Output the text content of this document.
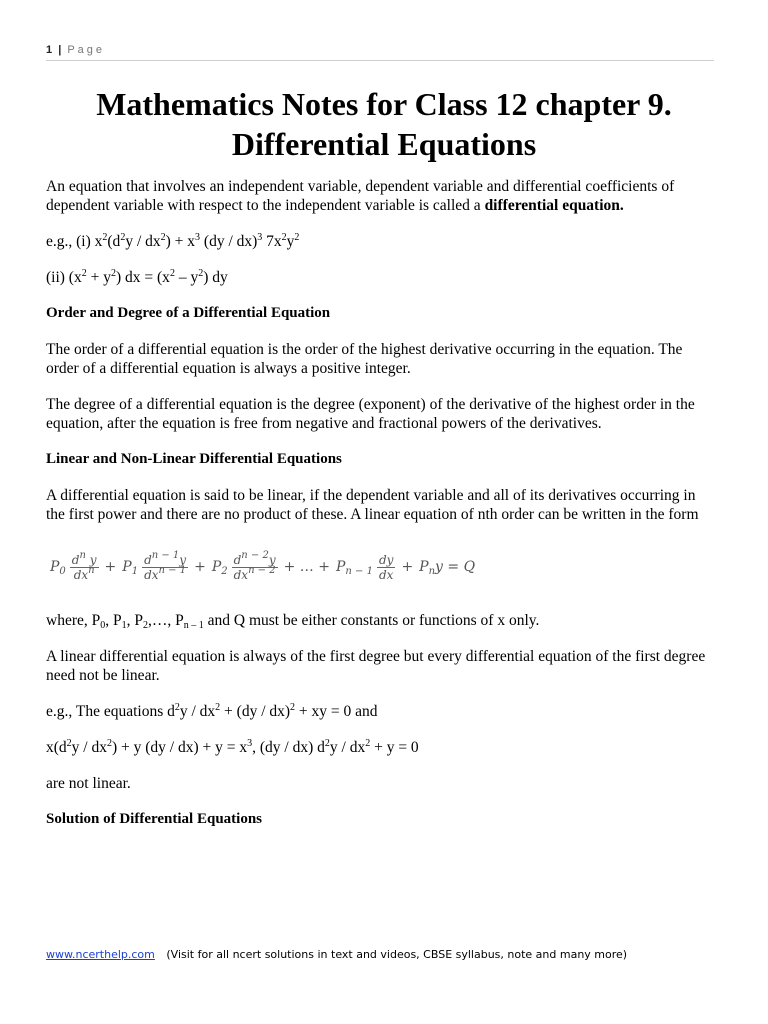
1 | Page
Mathematics Notes for Class 12 chapter 9.
Differential Equations

An equation that involves an independent variable, dependent variable and differential coefficients of dependent variable with respect to the independent variable is called a differential equation.

e.g., (i) $x^2(d^2y / dx^2) + x^3$ (dy / dx)$^3$ $7x^2y^2$

(ii) $(x^2 + y^2)$ dx = $(x^2 - y^2)$ dy

Order and Degree of a Differential Equation

The order of a differential equation is the order of the highest derivative occurring in the equation. The order of a differential equation is always a positive integer.

The degree of a differential equation is the degree (exponent) of the derivative of the highest order in the equation, after the equation is free from negative and fractional powers of the derivatives.

Linear and Non-Linear Differential Equations

A differential equation is said to be linear, if the dependent variable and all of its derivatives occurring in the first power and there are no product of these. A linear equation of nth order can be written in the form

$P_0 \frac{d^n y}{dx^n} + P_1 \frac{d^{n - 1}y}{dx^{n - 1}} + P_2 \frac{d^{n - 2}y}{dx^{n - 2}}$ + … + $P_{n - 1} \frac{dy}{dx} + P_ny = Q$

where, $P_0$, $P_1$, $P_2,\dots$, $P_{n - 1}$ and Q must be either constants or functions of x only.

A linear differential equation is always of the first degree but every differential equation of the first degree need not be linear.

e.g., The equations $d^2y / dx^2 + (dy / dx)^2$ + xy = 0 and

$x(d^2y / dx^2) + y$ $(dy / dx) + y = x^3$, (dy / dx) $d^2y / dx^2 + y = 0$

are not linear.

Solution of Differential Equations

www.ncerthelp.com (Visit for all ncert solutions in text and videos, CBSE syllabus, note and many more)
